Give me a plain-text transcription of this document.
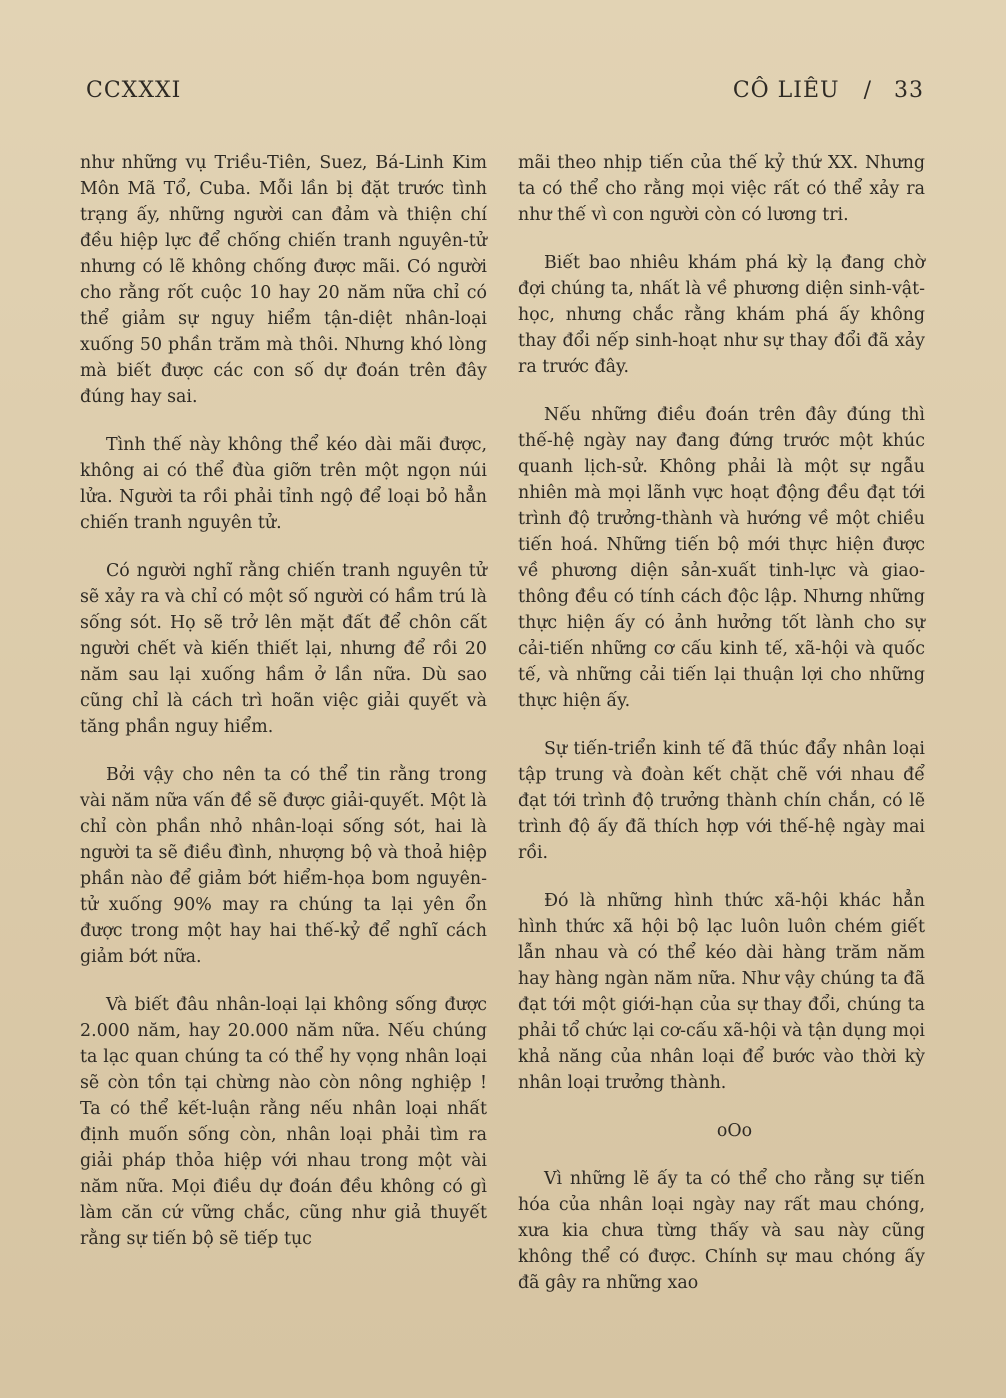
CCXXXI	CÔ LIÊU / 33

như những vụ Triều-Tiên, Suez, Bá-Linh Kim Môn Mã Tổ, Cuba. Mỗi lần bị đặt trước tình trạng ấy, những người can đảm và thiện chí đều hiệp lực để chống chiến tranh nguyên-tử nhưng có lẽ không chống được mãi. Có người cho rằng rốt cuộc 10 hay 20 năm nữa chỉ có thể giảm sự nguy hiểm tận-diệt nhân-loại xuống 50 phần trăm mà thôi. Nhưng khó lòng mà biết được các con số dự đoán trên đây đúng hay sai.

Tình thế này không thể kéo dài mãi được, không ai có thể đùa giỡn trên một ngọn núi lửa. Người ta rồi phải tỉnh ngộ để loại bỏ hẳn chiến tranh nguyên tử.

Có người nghĩ rằng chiến tranh nguyên tử sẽ xảy ra và chỉ có một số người có hầm trú là sống sót. Họ sẽ trở lên mặt đất để chôn cất người chết và kiến thiết lại, nhưng để rồi 20 năm sau lại xuống hầm ở lần nữa. Dù sao cũng chỉ là cách trì hoãn việc giải quyết và tăng phần nguy hiểm.

Bởi vậy cho nên ta có thể tin rằng trong vài năm nữa vấn đề sẽ được giải-quyết. Một là chỉ còn phần nhỏ nhân-loại sống sót, hai là người ta sẽ điều đình, nhượng bộ và thoả hiệp phần nào để giảm bớt hiểm-họa bom nguyên-tử xuống 90% may ra chúng ta lại yên ổn được trong một hay hai thế-kỷ để nghĩ cách giảm bớt nữa.

Và biết đâu nhân-loại lại không sống được 2.000 năm, hay 20.000 năm nữa. Nếu chúng ta lạc quan chúng ta có thể hy vọng nhân loại sẽ còn tồn tại chừng nào còn nông nghiệp ! Ta có thể kết-luận rằng nếu nhân loại nhất định muốn sống còn, nhân loại phải tìm ra giải pháp thỏa hiệp với nhau trong một vài năm nữa. Mọi điều dự đoán đều không có gì làm căn cứ vững chắc, cũng như giả thuyết rằng sự tiến bộ sẽ tiếp tục

mãi theo nhịp tiến của thế kỷ thứ XX. Nhưng ta có thể cho rằng mọi việc rất có thể xảy ra như thế vì con người còn có lương tri.

Biết bao nhiêu khám phá kỳ lạ đang chờ đợi chúng ta, nhất là về phương diện sinh-vật-học, nhưng chắc rằng khám phá ấy không thay đổi nếp sinh-hoạt như sự thay đổi đã xảy ra trước đây.

Nếu những điều đoán trên đây đúng thì thế-hệ ngày nay đang đứng trước một khúc quanh lịch-sử. Không phải là một sự ngẫu nhiên mà mọi lãnh vực hoạt động đều đạt tới trình độ trưởng-thành và hướng về một chiều tiến hoá. Những tiến bộ mới thực hiện được về phương diện sản-xuất tinh-lực và giao-thông đều có tính cách độc lập. Nhưng những thực hiện ấy có ảnh hưởng tốt lành cho sự cải-tiến những cơ cấu kinh tế, xã-hội và quốc tế, và những cải tiến lại thuận lợi cho những thực hiện ấy.

Sự tiến-triển kinh tế đã thúc đẩy nhân loại tập trung và đoàn kết chặt chẽ với nhau để đạt tới trình độ trưởng thành chín chắn, có lẽ trình độ ấy đã thích hợp với thế-hệ ngày mai rồi.

Đó là những hình thức xã-hội khác hẳn hình thức xã hội bộ lạc luôn luôn chém giết lẫn nhau và có thể kéo dài hàng trăm năm hay hàng ngàn năm nữa. Như vậy chúng ta đã đạt tới một giới-hạn của sự thay đổi, chúng ta phải tổ chức lại cơ-cấu xã-hội và tận dụng mọi khả năng của nhân loại để bước vào thời kỳ nhân loại trưởng thành.

oOo

Vì những lẽ ấy ta có thể cho rằng sự tiến hóa của nhân loại ngày nay rất mau chóng, xưa kia chưa từng thấy và sau này cũng không thể có được. Chính sự mau chóng ấy đã gây ra những xao
